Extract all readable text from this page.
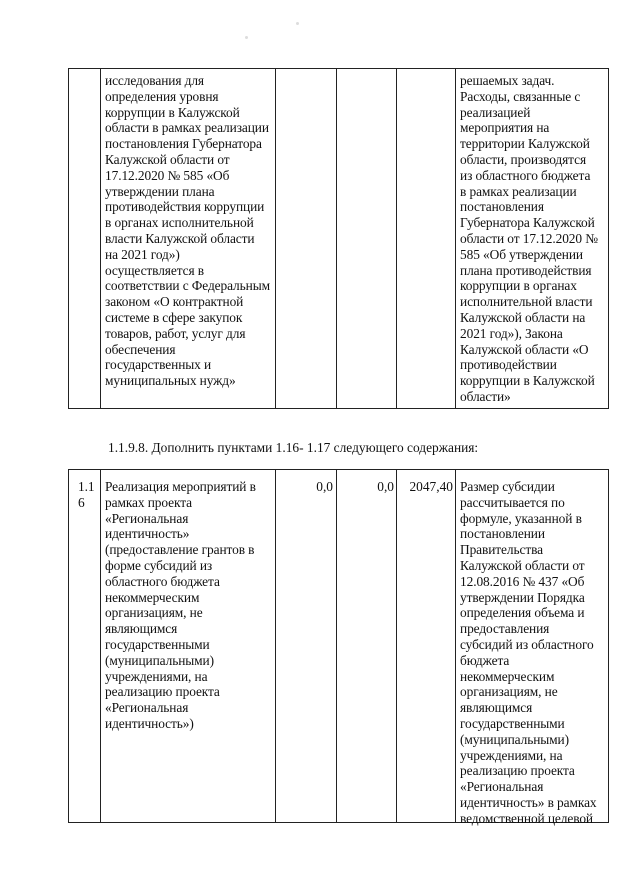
исследования для
определения уровня
коррупции в Калужской
области в рамках реализации
постановления Губернатора
Калужской области от
17.12.2020 № 585 «Об
утверждении плана
противодействия коррупции
в органах исполнительной
власти Калужской области
на 2021 год»)
осуществляется в
соответствии с Федеральным
законом «О контрактной
системе в сфере закупок
товаров, работ, услуг для
обеспечения
государственных и
муниципальных нужд»
решаемых задач.
Расходы, связанные с
реализацией
мероприятия на
территории Калужской
области, производятся
из областного бюджета
в рамках реализации
постановления
Губернатора Калужской
области от 17.12.2020 №
585 «Об утверждении
плана противодействия
коррупции в органах
исполнительной власти
Калужской области на
2021 год»), Закона
Калужской области «О
противодействии
коррупции в Калужской
области»
1.1.9.8. Дополнить пунктами 1.16- 1.17 следующего содержания:
1.1
6
Реализация мероприятий в
рамках проекта
«Региональная
идентичность»
(предоставление грантов в
форме субсидий из
областного бюджета
некоммерческим
организациям, не
являющимся
государственными
(муниципальными)
учреждениями, на
реализацию проекта
«Региональная
идентичность»)
0,0	0,0	2047,40 Размер субсидии
рассчитывается по
формуле, указанной в
постановлении
Правительства
Калужской области от
12.08.2016 № 437 «Об
утверждении Порядка
определения объема и
предоставления
субсидий из областного
бюджета
некоммерческим
организациям, не
являющимся
государственными
(муниципальными)
учреждениями, на
реализацию проекта
«Региональная
идентичность» в рамках
ведомственной целевой
